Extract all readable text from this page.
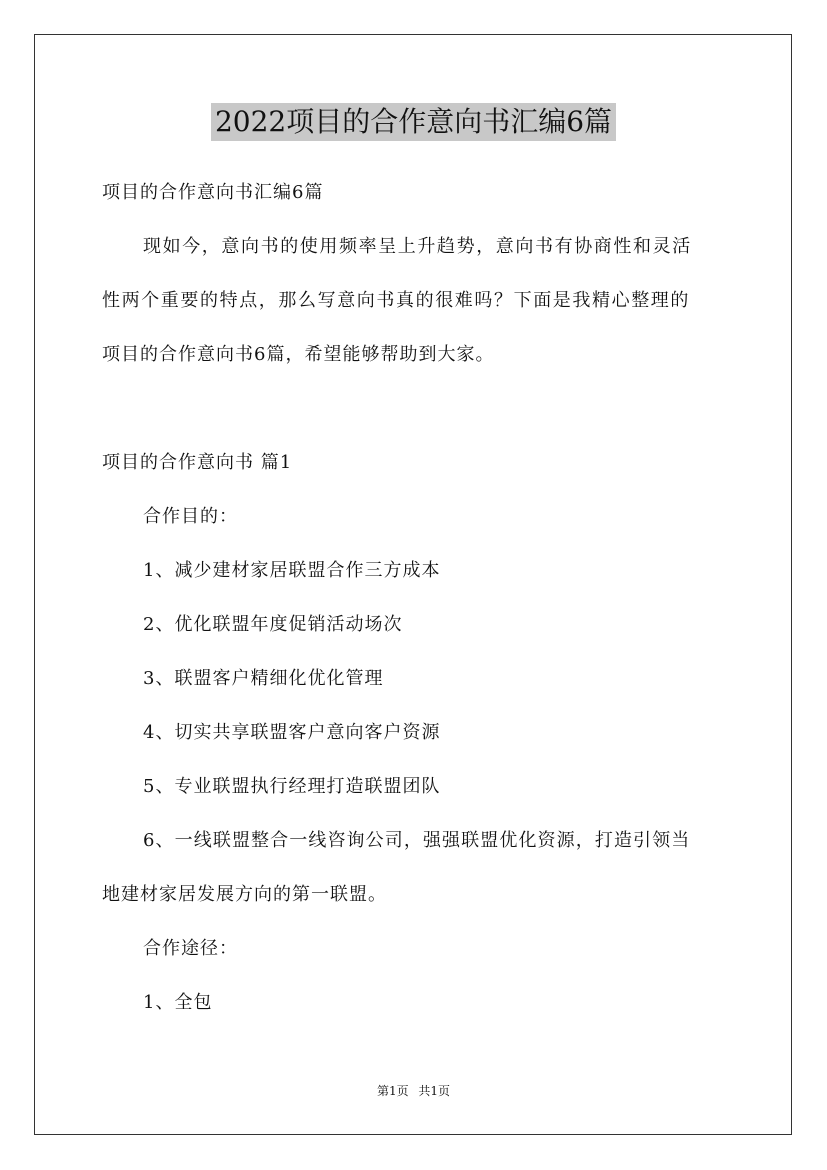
2022项目的合作意向书汇编6篇
项目的合作意向书汇编6篇
现如今，意向书的使用频率呈上升趋势，意向书有协商性和灵活
性两个重要的特点，那么写意向书真的很难吗？下面是我精心整理的
项目的合作意向书6篇，希望能够帮助到大家。
项目的合作意向书 篇1
合作目的：
1、减少建材家居联盟合作三方成本
2、优化联盟年度促销活动场次
3、联盟客户精细化优化管理
4、切实共享联盟客户意向客户资源
5、专业联盟执行经理打造联盟团队
6、一线联盟整合一线咨询公司，强强联盟优化资源，打造引领当
地建材家居发展方向的第一联盟。
合作途径：
1、全包
第1页 共1页
